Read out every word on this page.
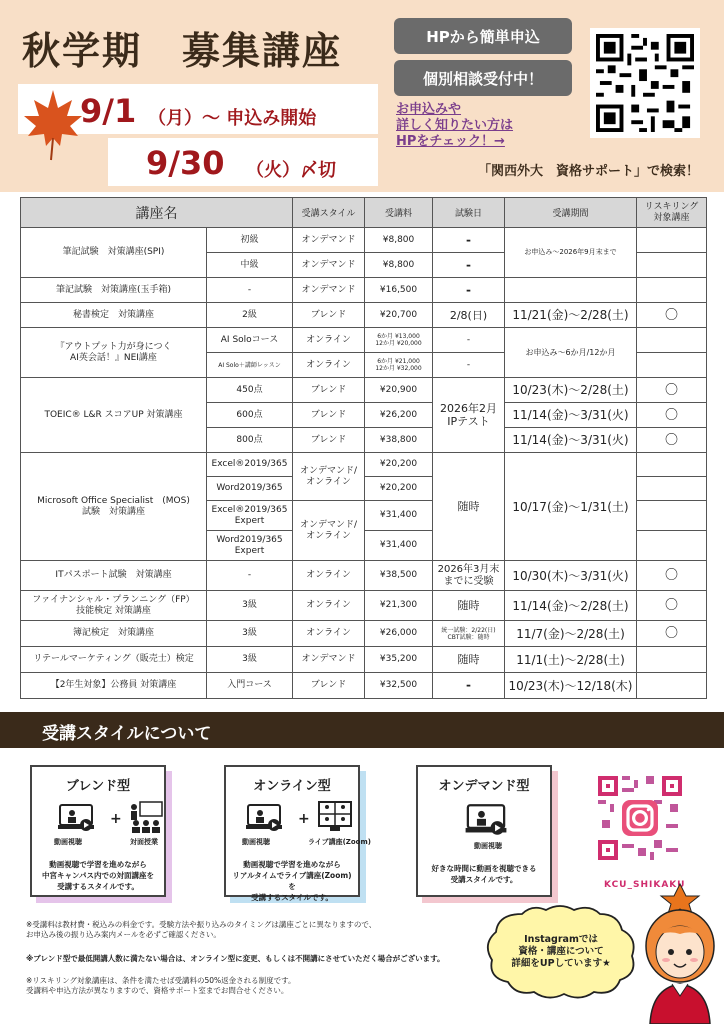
秋学期　募集講座
9/1 （月）～ 申込み開始
9/30 （火）〆切
HPから簡単申込
個別相談受付中！
お申込みや
詳しく知りたい方は
HPをチェック！→
「関西外大　資格サポート」で検索！
講座名		受講スタイル	受講料	試験日	受講期間	リスキリング
対象講座
筆記試験　対策講座(SPI)	初級	オンデマンド	¥8,800	-	お申込み～2026年9月末まで	
	中級	オンデマンド	¥8,800	-		
筆記試験　対策講座(玉手箱)	-	オンデマンド	¥16,500	-		
秘書検定　対策講座	2級	ブレンド	¥20,700	2/8(日)	11/21(金)～2/28(土)	〇
『アウトプット力が身につく
AI英会話！』NEI講座	AI Soloコース	オンライン	6か月 ¥13,000
12か月 ¥20,000	-	お申込み～6か月/12か月	
	AI Solo＋講師レッスン	オンライン	6か月 ¥21,000
12か月 ¥32,000	-		
TOEIC® L&R スコアUP 対策講座	450点	ブレンド	¥20,900	2026年2月
IPテスト	10/23(木)～2/28(土)	〇
	600点	ブレンド	¥26,200		11/14(金)～3/31(火)	〇
	800点	ブレンド	¥38,800		11/14(金)～3/31(火)	〇
Microsoft Office Specialist　(MOS)
試験　対策講座	Excel®2019/365	オンデマンド/
オンライン	¥20,200	随時	10/17(金)～1/31(土)	
	Word2019/365		¥20,200			
	Excel®2019/365
Expert	オンデマンド/
オンライン	¥31,400			
	Word2019/365
Expert		¥31,400			
ITパスポート試験　対策講座	-	オンライン	¥38,500	2026年3月末
までに受験	10/30(木)～3/31(火)	〇
ファイナンシャル・プランニング（FP）
技能検定 対策講座	3級	オンライン	¥21,300	随時	11/14(金)～2/28(土)	〇
簿記検定　対策講座	3級	オンライン	¥26,000	統一試験：2/22(日)
CBT試験：随時	11/7(金)～2/28(土)	〇
リテールマーケティング（販売士）検定	3級	オンデマンド	¥35,200	随時	11/1(土)～2/28(土)	
【2年生対象】公務員 対策講座	入門コース	ブレンド	¥32,500	-	10/23(木)～12/18(木)	
受講スタイルについて
ブレンド型
動画視聴
+
対面授業
動画視聴で学習を進めながら
中宮キャンパス内での対面講座を
受講するスタイルです。
オンライン型
動画視聴
+
ライブ講座(Zoom)
動画視聴で学習を進めながら
リアルタイムでライブ講座(Zoom)を
受講するスタイルです。
オンデマンド型
動画視聴
好きな時間に動画を視聴できる
受講スタイルです。
KCU_SHIKAKU
※受講料は教材費・税込みの料金です。受験方法や振り込みのタイミングは講座ごとに異なりますので、
お申込み後の振り込み案内メールを必ずご確認ください。
※ブレンド型で最低開講人数に満たない場合は、オンライン型に変更、もしくは不開講にさせていただく場合がございます。
※リスキリング対象講座は、条件を満たせば受講料の50%返金される制度です。
受講料や申込方法が異なりますので、資格サポート室までお問合せください。
Instagramでは
資格・講座について
詳細をUPしています★
